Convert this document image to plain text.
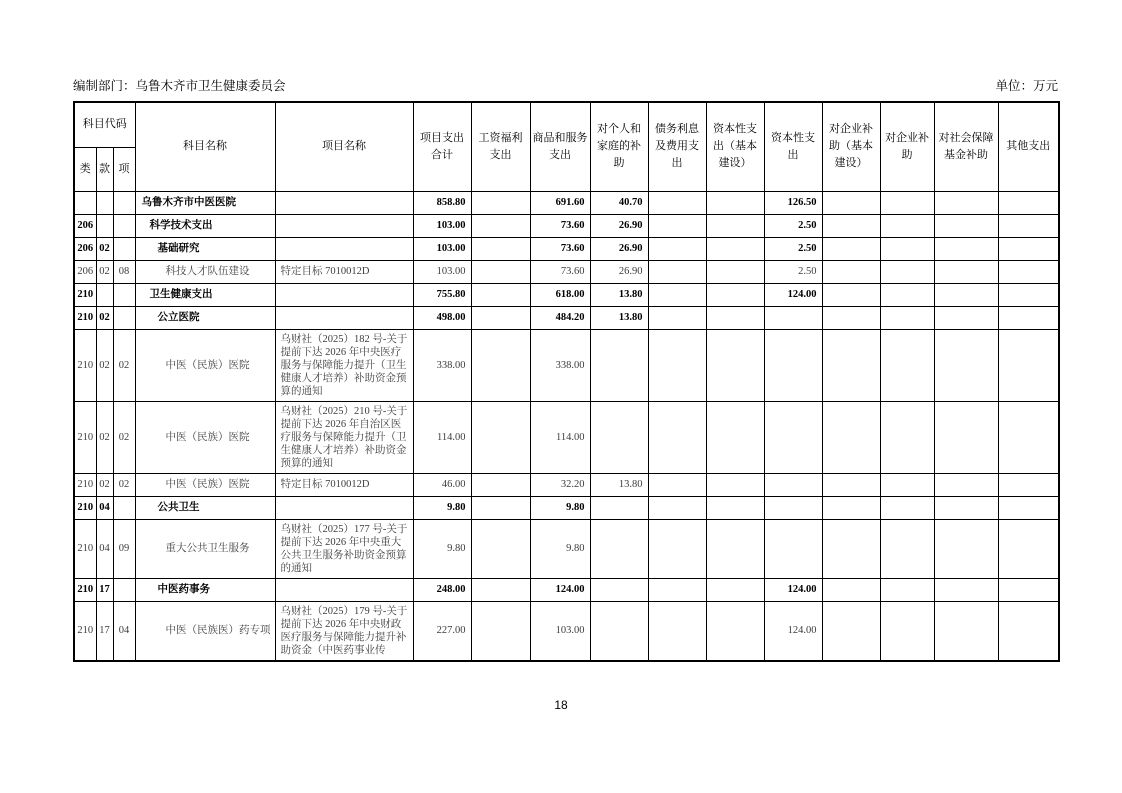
编制部门：乌鲁木齐市卫生健康委员会	单位：万元
科目代码			科目名称	项目名称	项目支出合计	工资福利支出	商品和服务支出	对个人和家庭的补助	债务利息及费用支出	资本性支出（基本建设）	资本性支出	对企业补助（基本建设）	对企业补助	对社会保障基金补助	其他支出
类	款	项													
			乌鲁木齐市中医医院		858.80		691.60	40.70			126.50				
206			科学技术支出		103.00		73.60	26.90			2.50				
206	02		基础研究		103.00		73.60	26.90			2.50				
206	02	08	科技人才队伍建设	特定目标 7010012D	103.00		73.60	26.90			2.50				
210			卫生健康支出		755.80		618.00	13.80			124.00				
210	02		公立医院		498.00		484.20	13.80							
210	02	02	中医（民族）医院	乌财社（2025）182 号-关于提前下达 2026 年中央医疗服务与保障能力提升（卫生健康人才培养）补助资金预算的通知	338.00		338.00								
210	02	02	中医（民族）医院	乌财社（2025）210 号-关于提前下达 2026 年自治区医疗服务与保障能力提升（卫生健康人才培养）补助资金预算的通知	114.00		114.00								
210	02	02	中医（民族）医院	特定目标 7010012D	46.00		32.20	13.80							
210	04		公共卫生		9.80		9.80								
210	04	09	重大公共卫生服务	乌财社（2025）177 号-关于提前下达 2026 年中央重大公共卫生服务补助资金预算的通知	9.80		9.80								
210	17		中医药事务		248.00		124.00				124.00				
210	17	04	中医（民族医）药专项	乌财社（2025）179 号-关于提前下达 2026 年中央财政医疗服务与保障能力提升补助资金（中医药事业传	227.00		103.00				124.00				
18
